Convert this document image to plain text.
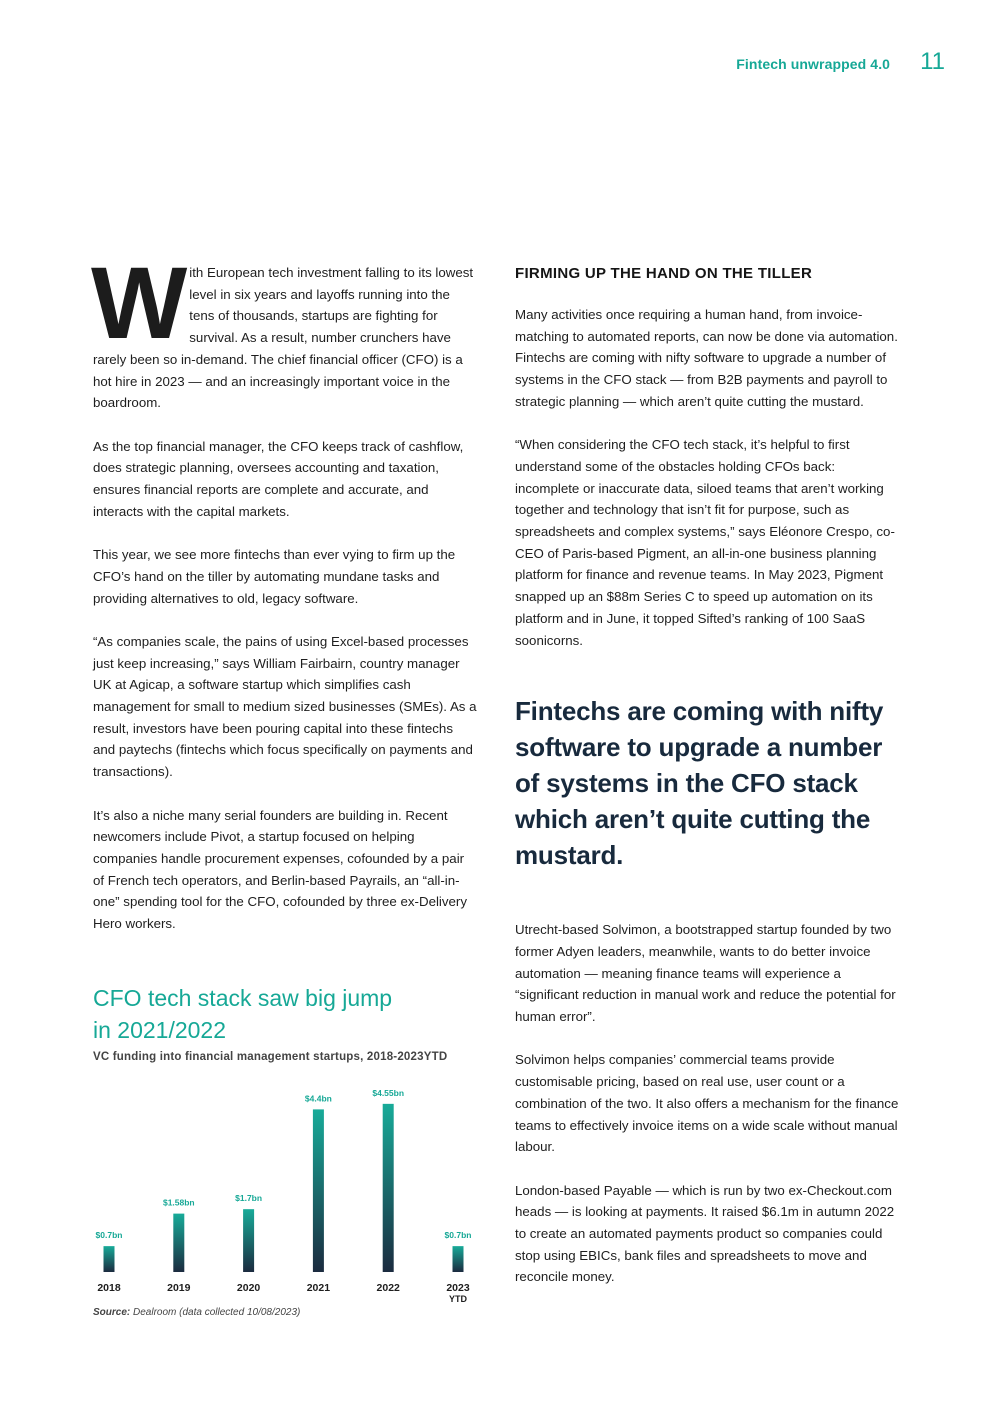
Fintech unwrapped 4.0 11

With European tech investment falling to its lowest level in six years and layoffs running into the tens of thousands, startups are fighting for survival. As a result, number crunchers have rarely been so in-demand. The chief financial officer (CFO) is a hot hire in 2023 — and an increasingly important voice in the boardroom.

As the top financial manager, the CFO keeps track of cashflow, does strategic planning, oversees accounting and taxation, ensures financial reports are complete and accurate, and interacts with the capital markets.

This year, we see more fintechs than ever vying to firm up the CFO’s hand on the tiller by automating mundane tasks and providing alternatives to old, legacy software.

“As companies scale, the pains of using Excel-based processes just keep increasing,” says William Fairbairn, country manager UK at Agicap, a software startup which simplifies cash management for small to medium sized businesses (SMEs). As a result, investors have been pouring capital into these fintechs and paytechs (fintechs which focus specifically on payments and transactions).

It’s also a niche many serial founders are building in. Recent newcomers include Pivot, a startup focused on helping companies handle procurement expenses, cofounded by a pair of French tech operators, and Berlin-based Payrails, an “all-in-one” spending tool for the CFO, cofounded by three ex-Delivery Hero workers.

CFO tech stack saw big jump in 2021/2022
VC funding into financial management startups, 2018-2023YTD
$0.7bn
2018
$1.58bn
2019
$1.7bn
2020
$4.4bn
2021
$4.55bn
2022
$0.7bn
2023
YTD
Source: Dealroom (data collected 10/08/2023)
FIRMING UP THE HAND ON THE TILLER

Many activities once requiring a human hand, from invoice-matching to automated reports, can now be done via automation. Fintechs are coming with nifty software to upgrade a number of systems in the CFO stack — from B2B payments and payroll to strategic planning — which aren’t quite cutting the mustard.

“When considering the CFO tech stack, it’s helpful to first understand some of the obstacles holding CFOs back: incomplete or inaccurate data, siloed teams that aren’t working together and technology that isn’t fit for purpose, such as spreadsheets and complex systems,” says Eléonore Crespo, co-CEO of Paris-based Pigment, an all-in-one business planning platform for finance and revenue teams. In May 2023, Pigment snapped up an $88m Series C to speed up automation on its platform and in June, it topped Sifted’s ranking of 100 SaaS soonicorns.

Fintechs are coming with nifty software to upgrade a number of systems in the CFO stack which aren’t quite cutting the mustard.

Utrecht-based Solvimon, a bootstrapped startup founded by two former Adyen leaders, meanwhile, wants to do better invoice automation — meaning finance teams will experience a “significant reduction in manual work and reduce the potential for human error”.

Solvimon helps companies’ commercial teams provide customisable pricing, based on real use, user count or a combination of the two. It also offers a mechanism for the finance teams to effectively invoice items on a wide scale without manual labour.

London-based Payable — which is run by two ex-Checkout.com heads — is looking at payments. It raised $6.1m in autumn 2022 to create an automated payments product so companies could stop using EBICs, bank files and spreadsheets to move and reconcile money.
